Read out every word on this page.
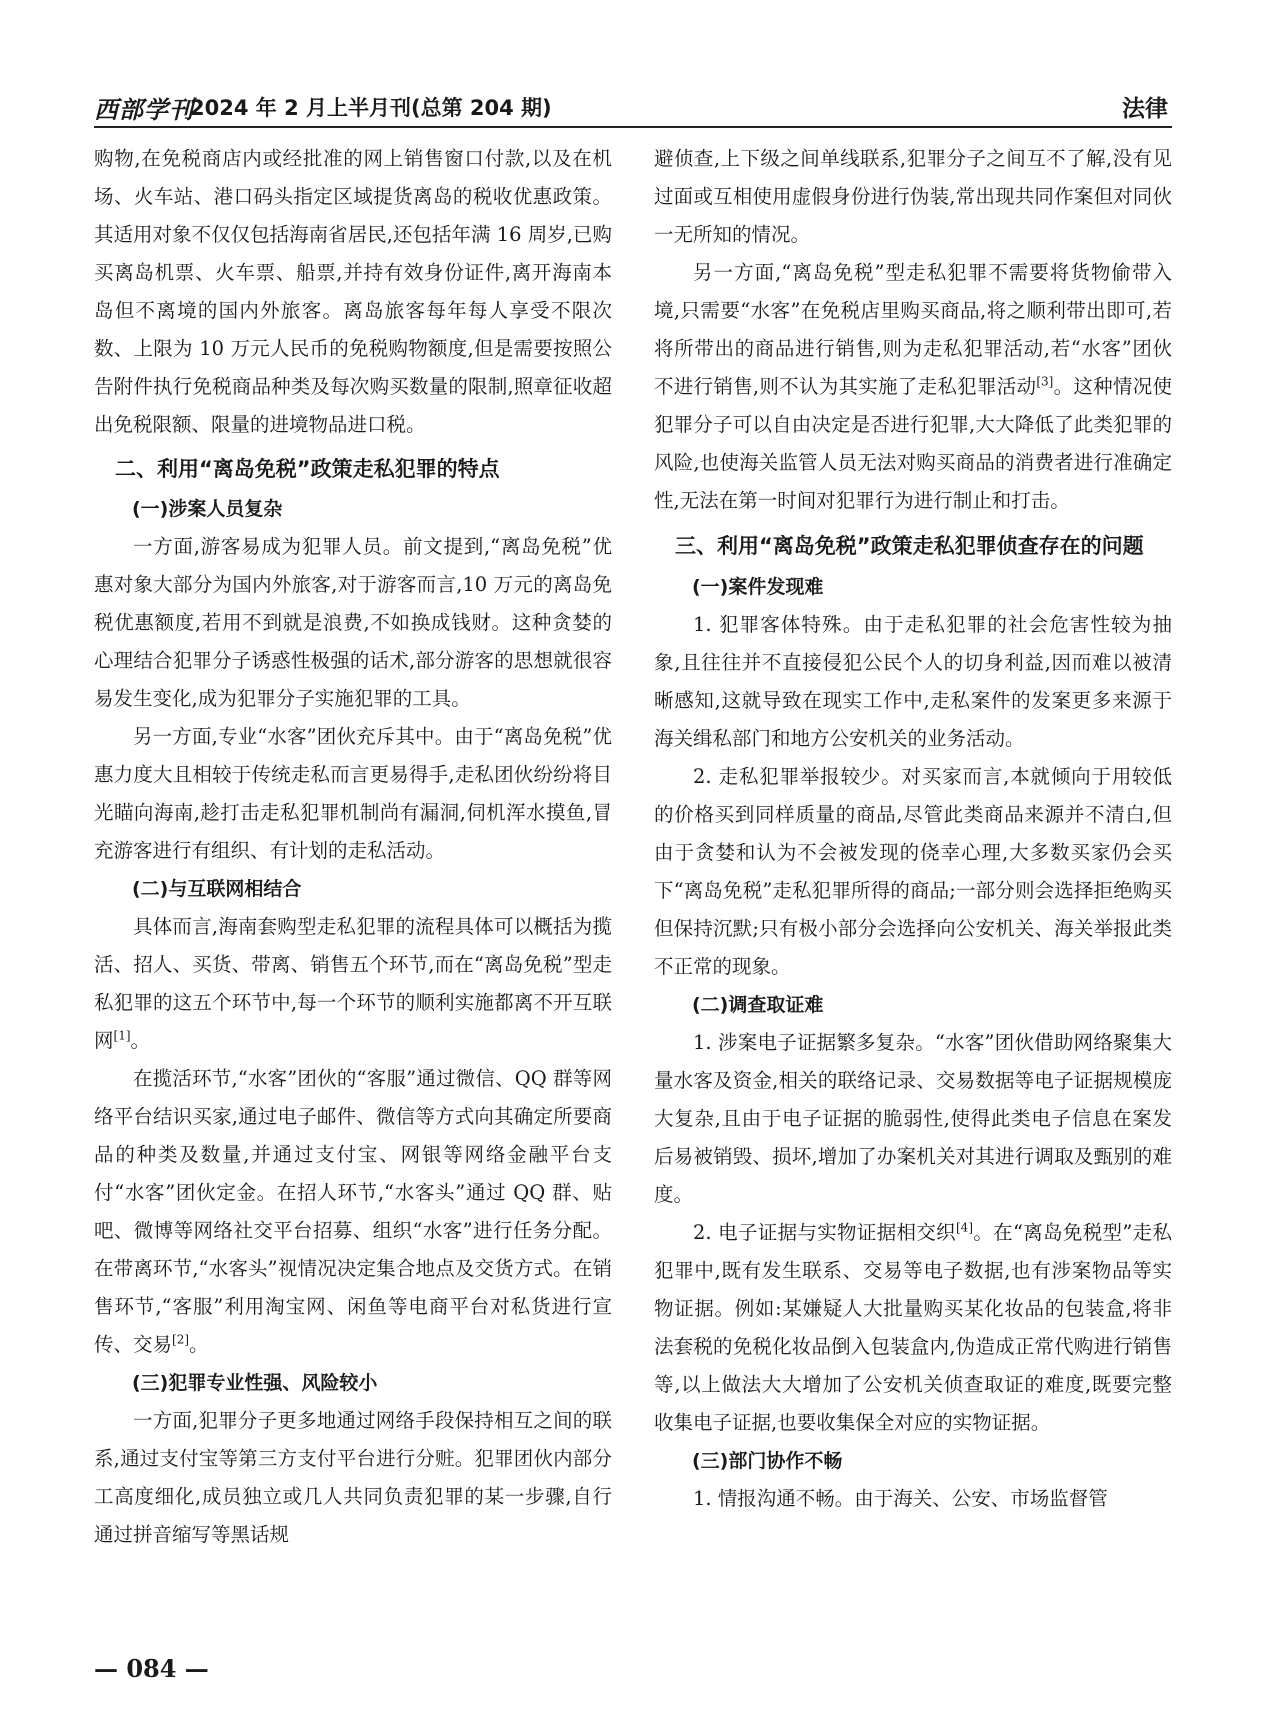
西部学刊
2024 年 2 月上半月刊(总第 204 期)	法律

购物,在免税商店内或经批准的网上销售窗口付款,以及在机场、火车站、港口码头指定区域提货离岛的税收优惠政策。其适用对象不仅仅包括海南省居民,还包括年满 16 周岁,已购买离岛机票、火车票、船票,并持有效身份证件,离开海南本岛但不离境的国内外旅客。离岛旅客每年每人享受不限次数、上限为 10 万元人民币的免税购物额度,但是需要按照公告附件执行免税商品种类及每次购买数量的限制,照章征收超出免税限额、限量的进境物品进口税。

二、利用“离岛免税”政策走私犯罪的特点
(一)涉案人员复杂

一方面,游客易成为犯罪人员。前文提到,“离岛免税”优惠对象大部分为国内外旅客,对于游客而言,10 万元的离岛免税优惠额度,若用不到就是浪费,不如换成钱财。这种贪婪的心理结合犯罪分子诱惑性极强的话术,部分游客的思想就很容易发生变化,成为犯罪分子实施犯罪的工具。

另一方面,专业“水客”团伙充斥其中。由于“离岛免税”优惠力度大且相较于传统走私而言更易得手,走私团伙纷纷将目光瞄向海南,趁打击走私犯罪机制尚有漏洞,伺机浑水摸鱼,冒充游客进行有组织、有计划的走私活动。

(二)与互联网相结合

具体而言,海南套购型走私犯罪的流程具体可以概括为揽活、招人、买货、带离、销售五个环节,而在“离岛免税”型走私犯罪的这五个环节中,每一个环节的顺利实施都离不开互联网[1]。

在揽活环节,“水客”团伙的“客服”通过微信、QQ 群等网络平台结识买家,通过电子邮件、微信等方式向其确定所要商品的种类及数量,并通过支付宝、网银等网络金融平台支付“水客”团伙定金。在招人环节,“水客头”通过 QQ 群、贴吧、微博等网络社交平台招募、组织“水客”进行任务分配。在带离环节,“水客头”视情况决定集合地点及交货方式。在销售环节,“客服”利用淘宝网、闲鱼等电商平台对私货进行宣传、交易[2]。

(三)犯罪专业性强、风险较小

一方面,犯罪分子更多地通过网络手段保持相互之间的联系,通过支付宝等第三方支付平台进行分赃。犯罪团伙内部分工高度细化,成员独立或几人共同负责犯罪的某一步骤,自行通过拼音缩写等黑话规

避侦查,上下级之间单线联系,犯罪分子之间互不了解,没有见过面或互相使用虚假身份进行伪装,常出现共同作案但对同伙一无所知的情况。

另一方面,“离岛免税”型走私犯罪不需要将货物偷带入境,只需要“水客”在免税店里购买商品,将之顺利带出即可,若将所带出的商品进行销售,则为走私犯罪活动,若“水客”团伙不进行销售,则不认为其实施了走私犯罪活动[3]。这种情况使犯罪分子可以自由决定是否进行犯罪,大大降低了此类犯罪的风险,也使海关监管人员无法对购买商品的消费者进行准确定性,无法在第一时间对犯罪行为进行制止和打击。

三、利用“离岛免税”政策走私犯罪侦查存在的问题
(一)案件发现难

1. 犯罪客体特殊。由于走私犯罪的社会危害性较为抽象,且往往并不直接侵犯公民个人的切身利益,因而难以被清晰感知,这就导致在现实工作中,走私案件的发案更多来源于海关缉私部门和地方公安机关的业务活动。

2. 走私犯罪举报较少。对买家而言,本就倾向于用较低的价格买到同样质量的商品,尽管此类商品来源并不清白,但由于贪婪和认为不会被发现的侥幸心理,大多数买家仍会买下“离岛免税”走私犯罪所得的商品;一部分则会选择拒绝购买但保持沉默;只有极小部分会选择向公安机关、海关举报此类不正常的现象。

(二)调查取证难

1. 涉案电子证据繁多复杂。“水客”团伙借助网络聚集大量水客及资金,相关的联络记录、交易数据等电子证据规模庞大复杂,且由于电子证据的脆弱性,使得此类电子信息在案发后易被销毁、损坏,增加了办案机关对其进行调取及甄别的难度。

2. 电子证据与实物证据相交织[4]。在“离岛免税型”走私犯罪中,既有发生联系、交易等电子数据,也有涉案物品等实物证据。例如:某嫌疑人大批量购买某化妆品的包装盒,将非法套税的免税化妆品倒入包装盒内,伪造成正常代购进行销售等,以上做法大大增加了公安机关侦查取证的难度,既要完整收集电子证据,也要收集保全对应的实物证据。

(三)部门协作不畅

1. 情报沟通不畅。由于海关、公安、市场监督管

— 084 —
